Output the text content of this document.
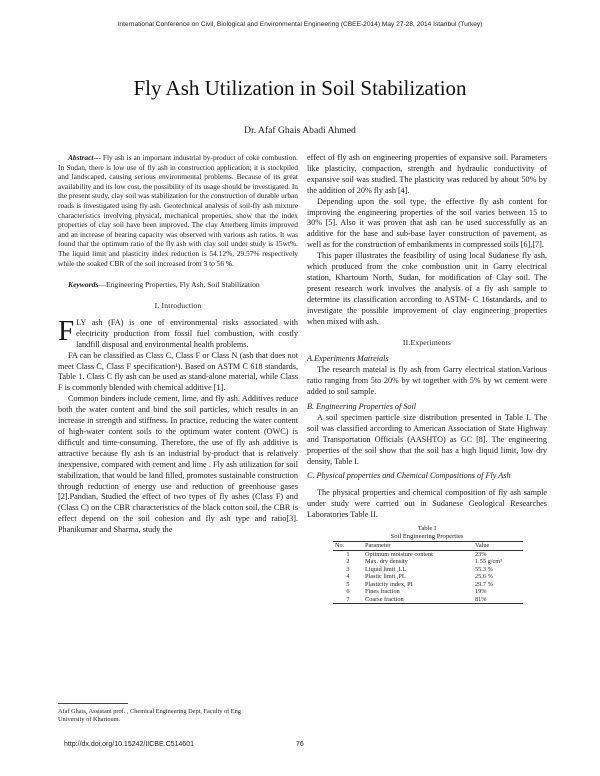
International Conference on Civil, Biological and Environmental Engineering (CBEE-2014) May 27-28, 2014 Istanbul (Turkey)
Fly Ash Utilization in Soil Stabilization
Dr. Afaf Ghais Abadi Ahmed

Abstract--- Fly ash is an important industrial by-product of coke combustion. In Sudan, there is low use of fly ash in construction application; it is stockpiled and landscaped, causing serious environmental problems. Because of its great availability and its low cost, the possibility of its usage should be investigated. In the present study, clay soil was stabilization for the construction of durable urban roads is investigated using fly ash. Geotechnical analysis of soil-fly ash mixture characteristics involving physical, mechanical properties, show that the index properties of clay soil have been improved. The clay Atterberg limits improved and an increase of bearing capacity was observed with various ash ratios. It was found that the optimum ratio of the fly ash with clay soil under study is 15wt%. The liquid limit and plasticity index reduction is 54.12%, 29.57% respectively while the soaked CBR of the soil increased from 3 to 56 %.

Keywords—Engineering Properties, Fly Ash, Soil Stabilization

I. Introduction

FLY ash (FA) is one of environmental risks associated with electricity production from fossil fuel combustion, with costly landfill disposal and environmental health problems.

FA can be classified as Class C, Class F or Class N (ash that does not meet Class C, Class F specification¹). Based on ASTM C 618 standards, Table 1. Class C fly ash can be used as stand-alone material, while Class F is commonly blended with chemical additive [1].

Common binders include cement, lime, and fly ash. Additives reduce both the water content and bind the soil particles, which results in an increase in strength and stiffness. In practice, reducing the water content of high-water content soils to the optimum water content (OWC) is difficult and time-consuming. Therefore, the use of fly ash additive is attractive because fly ash is an industrial by-product that is relatively inexpensive, compared with cement and lime . Fly ash utilization for soil stabilization, that would be land filled, promotes sustainable construction through reduction of energy use and reduction of greenhouse gases [2].Pandian, Studied the effect of two types of fly ashes (Class F) and (Class C) on the CBR characteristics of the black cotton soil, the CBR is effect depend on the soil cohesion and fly ash type and ratio[3]. Phanikumar and Sharma, study the

effect of fly ash on engineering properties of expansive soil. Parameters like plasticity, compaction, strength and hydraulic conductivity of expansive soil was studied. The plasticity was reduced by about 50% by the addition of 20% fly ash [4].

Depending upon the soil type, the effective fly ash content for improving the engineering properties of the soil varies between 15 to 30% [5]. Also it was proven that ash can be used successfully as an additive for the base and sub-base layer construction of pavement, as well as for the construction of embankments in compressed soils [6],[7].

This paper illustrates the feasibility of using local Sudanese fly ash, which produced from the coke combustion unit in Garry electrical station, Khartoum North, Sudan, for modification of Clay soil. The present research work involves the analysis of a fly ash sample to determine its classification according to ASTM- C 16standards, and to investigate the possible improvement of clay engineering properties when mixed with ash.

II.Experiments

A.Experiments Matreials

The research mateial is fly ash from Garry electrical station.Various ratio ranging from 5to 20% by wt together with 5% by wt cement were added to soil sample.

B. Engineering Properties of Soil

A soil specimen particle size distribution presented in Table I. The soil was classified according to American Association of State Highway and Transportation Officials (AASHTO) as GC [8]. The engineering properties of the soil show that the soil has a high liquid limit, low dry density, Table I.

C. Physical properties and Chemical Compositions of Fly Ash

The physical properties and chemical composition of fly ash sample under study were carried out in Sudanese Geological Researches Laboratories Table II.

Table I
Soil Engineering Properties
No.	Parameter	Value
1	Optimum moisture content	23%
2	Max. dry density	1.55 g/cm³
3	Liquid limit ,LL	55.3 %
4	Plastic limit ,PL	25.6 %
5	Plasticity index, PI	29.7 %
6	Fines fraction	19%
7	Coarse fraction	81%
Afaf Ghais, Assistant prof. , Chemical Engineering Dept, Faculty of Eng University of Khartoum.
http://dx.doi.org/10.15242/IICBE.C514601	76
